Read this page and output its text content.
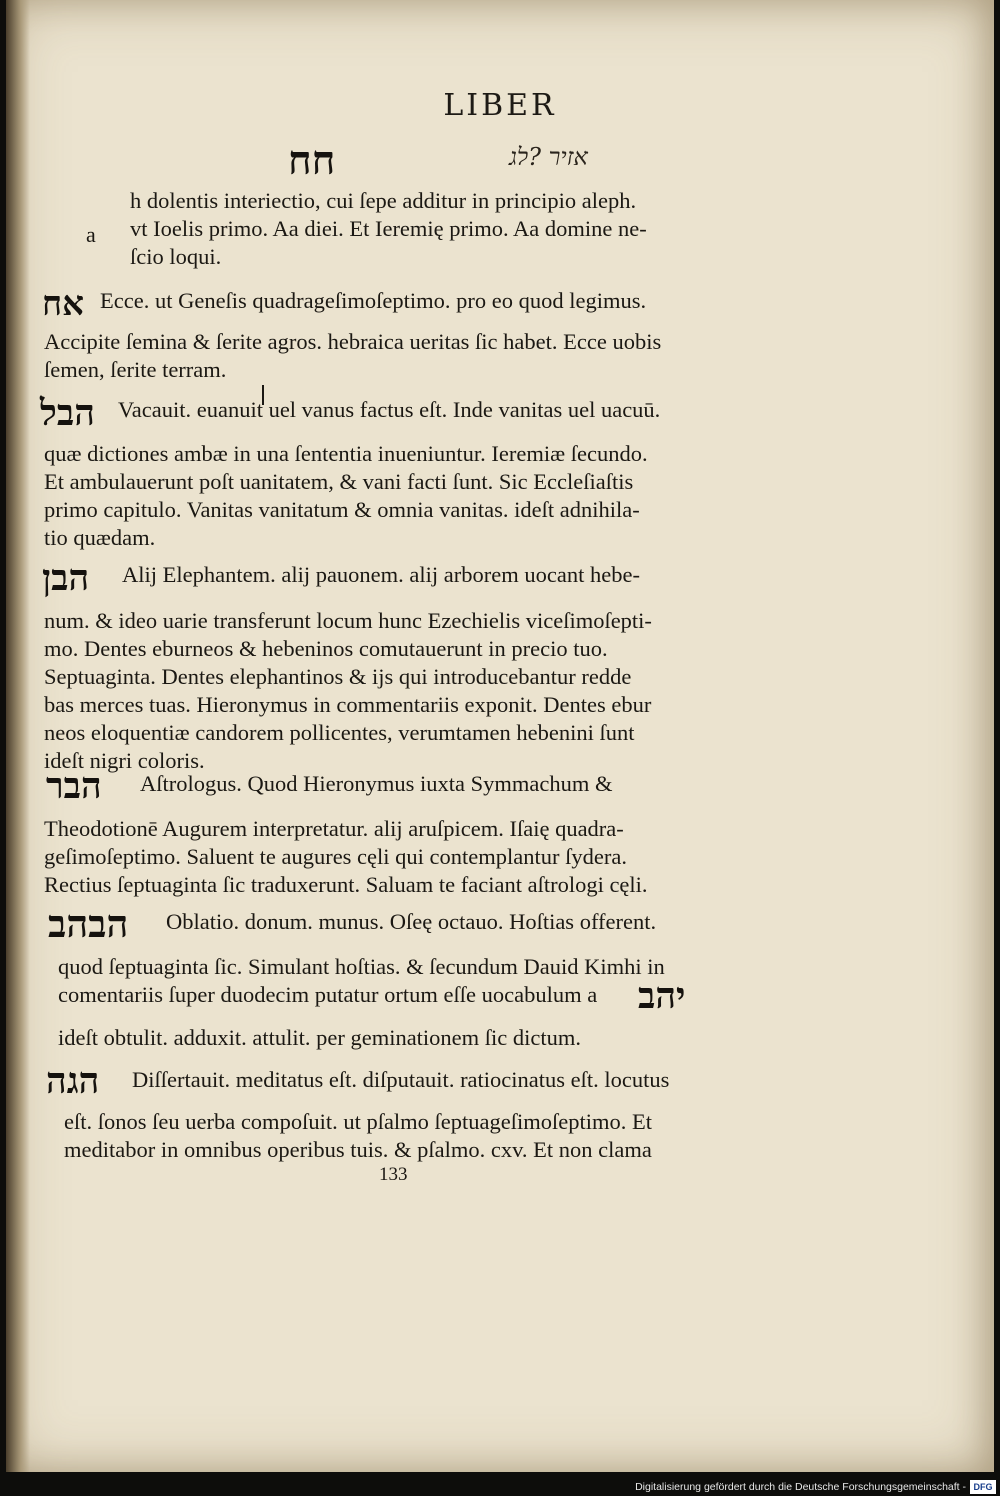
LIBER
חח	אזיר ?לג
a
h dolentis interiectio, cui ſepe additur in principio aleph.
vt Ioelis primo. Aa diei. Et Ieremię primo. Aa domine ne-
ſcio loqui.
אח Ecce. ut Geneſis quadrageſimoſeptimo. pro eo quod legimus.
Accipite ſemina & ſerite agros. hebraica ueritas ſic habet. Ecce uobis
ſemen, ſerite terram.
הבל Vacauit. euanuit uel vanus factus eſt. Inde vanitas uel uacuū.
quæ dictiones ambæ in una ſententia inueniuntur. Ieremiæ ſecundo.
Et ambulauerunt poſt uanitatem, & vani facti ſunt. Sic Eccleſiaſtis
primo capitulo. Vanitas vanitatum & omnia vanitas. ideſt adnihila-
tio quædam.
הבן Alij Elephantem. alij pauonem. alij arborem uocant hebe-
num. & ideo uarie transferunt locum hunc Ezechielis viceſimoſepti-
mo. Dentes eburneos & hebeninos comutauerunt in precio tuo.
Septuaginta. Dentes elephantinos & ijs qui introducebantur redde
bas merces tuas. Hieronymus in commentariis exponit. Dentes ebur
neos eloquentiæ candorem pollicentes, verumtamen hebenini ſunt
ideſt nigri coloris.
הבר Aſtrologus. Quod Hieronymus iuxta Symmachum &
Theodotionē Augurem interpretatur. alij aruſpicem. Iſaię quadra-
geſimoſeptimo. Saluent te augures cęli qui contemplantur ſydera.
Rectius ſeptuaginta ſic traduxerunt. Saluam te faciant aſtrologi cęli.
הבהב Oblatio. donum. munus. Oſeę octauo. Hoſtias offerent.
quod ſeptuaginta ſic. Simulant hoſtias. & ſecundum Dauid Kimhi in
comentariis ſuper duodecim putatur ortum eſſe uocabulum a	יהב
ideſt obtulit. adduxit. attulit. per geminationem ſic dictum.
הגה Diſſertauit. meditatus eſt. diſputauit. ratiocinatus eſt. locutus
eſt. ſonos ſeu uerba compoſuit. ut pſalmo ſeptuageſimoſeptimo. Et
meditabor in omnibus operibus tuis. & pſalmo. cxv. Et non clama
133
Digitalisierung gefördert durch die Deutsche Forschungsgemeinschaft - DFG
